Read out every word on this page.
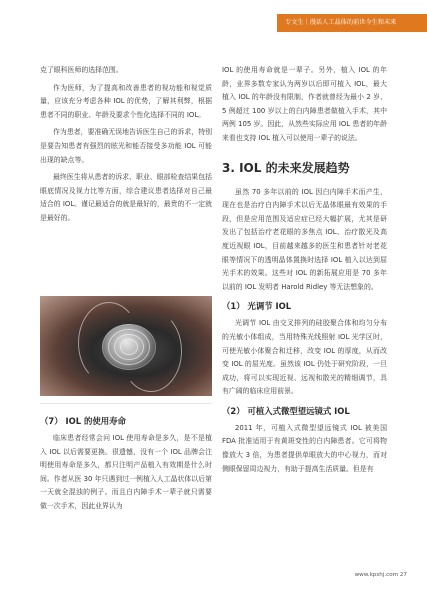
专文生｜漫话人工晶体的前世今生和未来

克了眼科医师的选择范围。

作为医师，为了提高和改善患者的视功能和视觉质量，应该充分考虑各种 IOL 的优势，了解其利弊，根据患者不同的职业、年龄及要求个性化选择不同的 IOL。

作为患者，要准确无误地告诉医生自己的诉求，特别是要告知患者有强烈的眩光和能否接受多功能 IOL 可能出现的缺点等。

最终医生将从患者的诉求、职业、眼部检查结果包括眼底情况及视力比等方面，综合建议患者选择对自己最适合的 IOL。谨记最适合的就是最好的，最贵的不一定就是最好的。

（7） IOL 的使用寿命

临床患者经常会问 IOL 使用寿命是多久，是不是植入 IOL 以后需要更换。很遗憾，没有一个 IOL 品牌会注明使用寿命是多久，都只注明产品植入有效期是什么时间。作者从医 30 年只遇到过一例植入人工晶状体以后第一天就全混浊的例子。而且白内障手术一辈子就只需要做一次手术，因此业界认为

IOL 的使用寿命就是一辈子。另外，植入 IOL 的年龄，业界多数专家认为两岁以后即可植入 IOL，最大植入 IOL 的年龄没有限制，作者就曾经为最小 2 岁、5 例超过 100 岁以上的白内障患者做植入手术，其中两例 105 岁。因此，从然些实际应用 IOL 患者的年龄来看也支持 IOL 植入可以使用一辈子的说法。

3. IOL 的未来发展趋势

虽然 70 多年以前的 IOL 因白内障手术而产生，现在也是治疗白内障手术以后无晶体眼最有效果的手段，但是应用范围及适应症已经大幅扩展，尤其是研发出了包括治疗老花眼的多焦点 IOL、治疗散光及高度近视眼 IOL，目前越来越多的医生和患者针对老花眼等情况下的透明晶体置换时选择 IOL 植入以达到屈光手术的效果。这些对 IOL 的新拓展应用是 70 多年以前的 IOL 发明者 Harold Ridley 等无法想象的。

（1） 光调节 IOL

光调节 IOL 由交叉排列的硅胶聚合体和均匀分布的光敏小体组成，当用特殊光线照射 IOL 光学区时，可使光敏小体聚合和迁移，改变 IOL 的厚度，从而改变 IOL 的屈光度。虽然该 IOL 仍处于研究阶段，一旦成功，将可以实现近视、远视和散光的精细调节，具有广阔的临床应用前景。

（2） 可植入式微型望远镜式 IOL

2011 年，可植入式微型望远镜式 IOL 被美国 FDA 批准适用于有黄斑变性的白内障患者。它可将物像放大 3 倍，为患者提供单眼放大的中心视力，而对侧眼保留周边视力，有助于提高生活质量。但是有

www.kpshj.com 27
